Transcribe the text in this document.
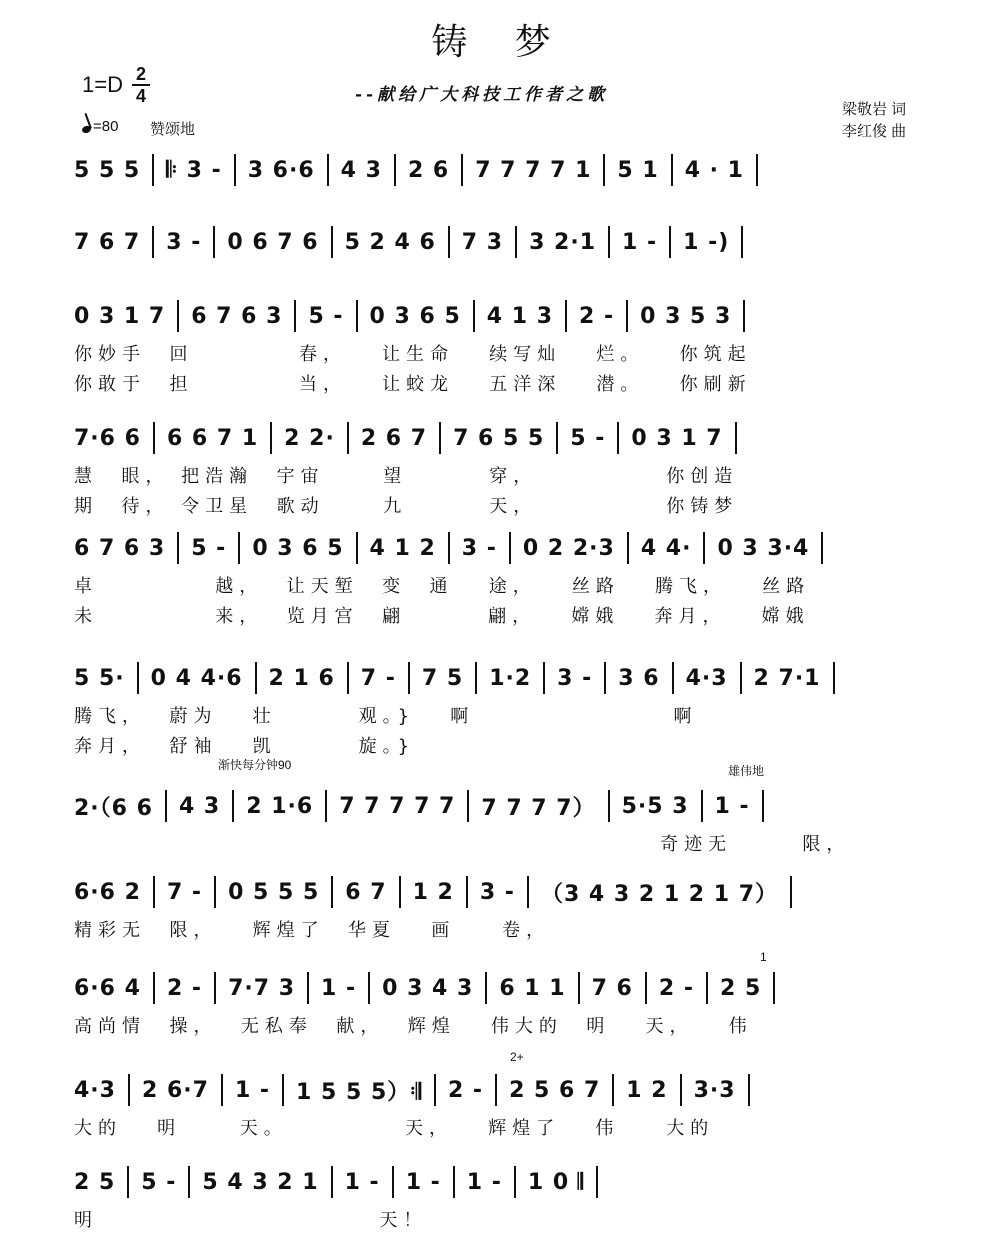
铸 梦
1=D 2
4	--献给广大科技工作者之歌
梁敬岩 词
李红俊 曲
=80 赞颂地
渐快每分钟90	雄伟地
1
2+
5 5 5 𝄆 3 - 3 6·6 4 3 2 6 7 7 7 7 1 5 1 4 · 1
7 6 7 3 - 0 6 7 6 5 2 4 6 7 3 3 2·1 1 - 1 -)
0 3 1 7 6 7 6 3 5 - 0 3 6 5 4 1 3 2 - 0 3 5 3
你妙手  回         春，   让生命   续写灿   烂。   你筑起
你敢于  担         当，   让蛟龙   五洋深   潜。   你刷新
7·6 6 6 6 7 1 2 2· 2 6 7 7 6 5 5 5 - 0 3 1 7
慧  眼， 把浩瀚  宇宙     望       穿，           你创造
期  待， 令卫星  歌动     九       天，           你铸梦
6 7 6 3 5 - 0 3 6 5 4 1 2 3 - 0 2 2·3 4 4· 0 3 3·4
卓          越，  让天堑  变  通   途，   丝路   腾飞，   丝路
未          来，  览月宫  翩       翩，   嫦娥   奔月，   嫦娥
5 5· 0 4 4·6 2 1 6 7 - 7 5 1·2 3 - 3 6 4·3 2 7·1
腾飞，  蔚为   壮       观。}   啊                 啊
奔月，  舒袖   凯       旋。}
2·（6 6 4 3 2 1·6 7 7 7 7 7 7 7 7 7） 5·5 3 1 -
奇迹无      限，
6·6 2 7 - 0 5 5 5 6 7 1 2 3 - （3 4 3 2 1 2 1 7）
精彩无  限，   辉煌了  华夏   画    卷，
6·6 4 2 - 7·7 3 1 - 0 3 4 3 6 1 1 7 6 2 - 2 5
高尚情  操，  无私奉  献，  辉煌   伟大的  明   天，   伟
4·3 2 6·7 1 - 1 5 5 5）𝄇 2 - 2 5 6 7 1 2 3·3
大的   明     天。          天，   辉煌了   伟    大的
2 5 5 - 5 4 3 2 1 1 - 1 - 1 - 1 0 𝄂
明                        天！
